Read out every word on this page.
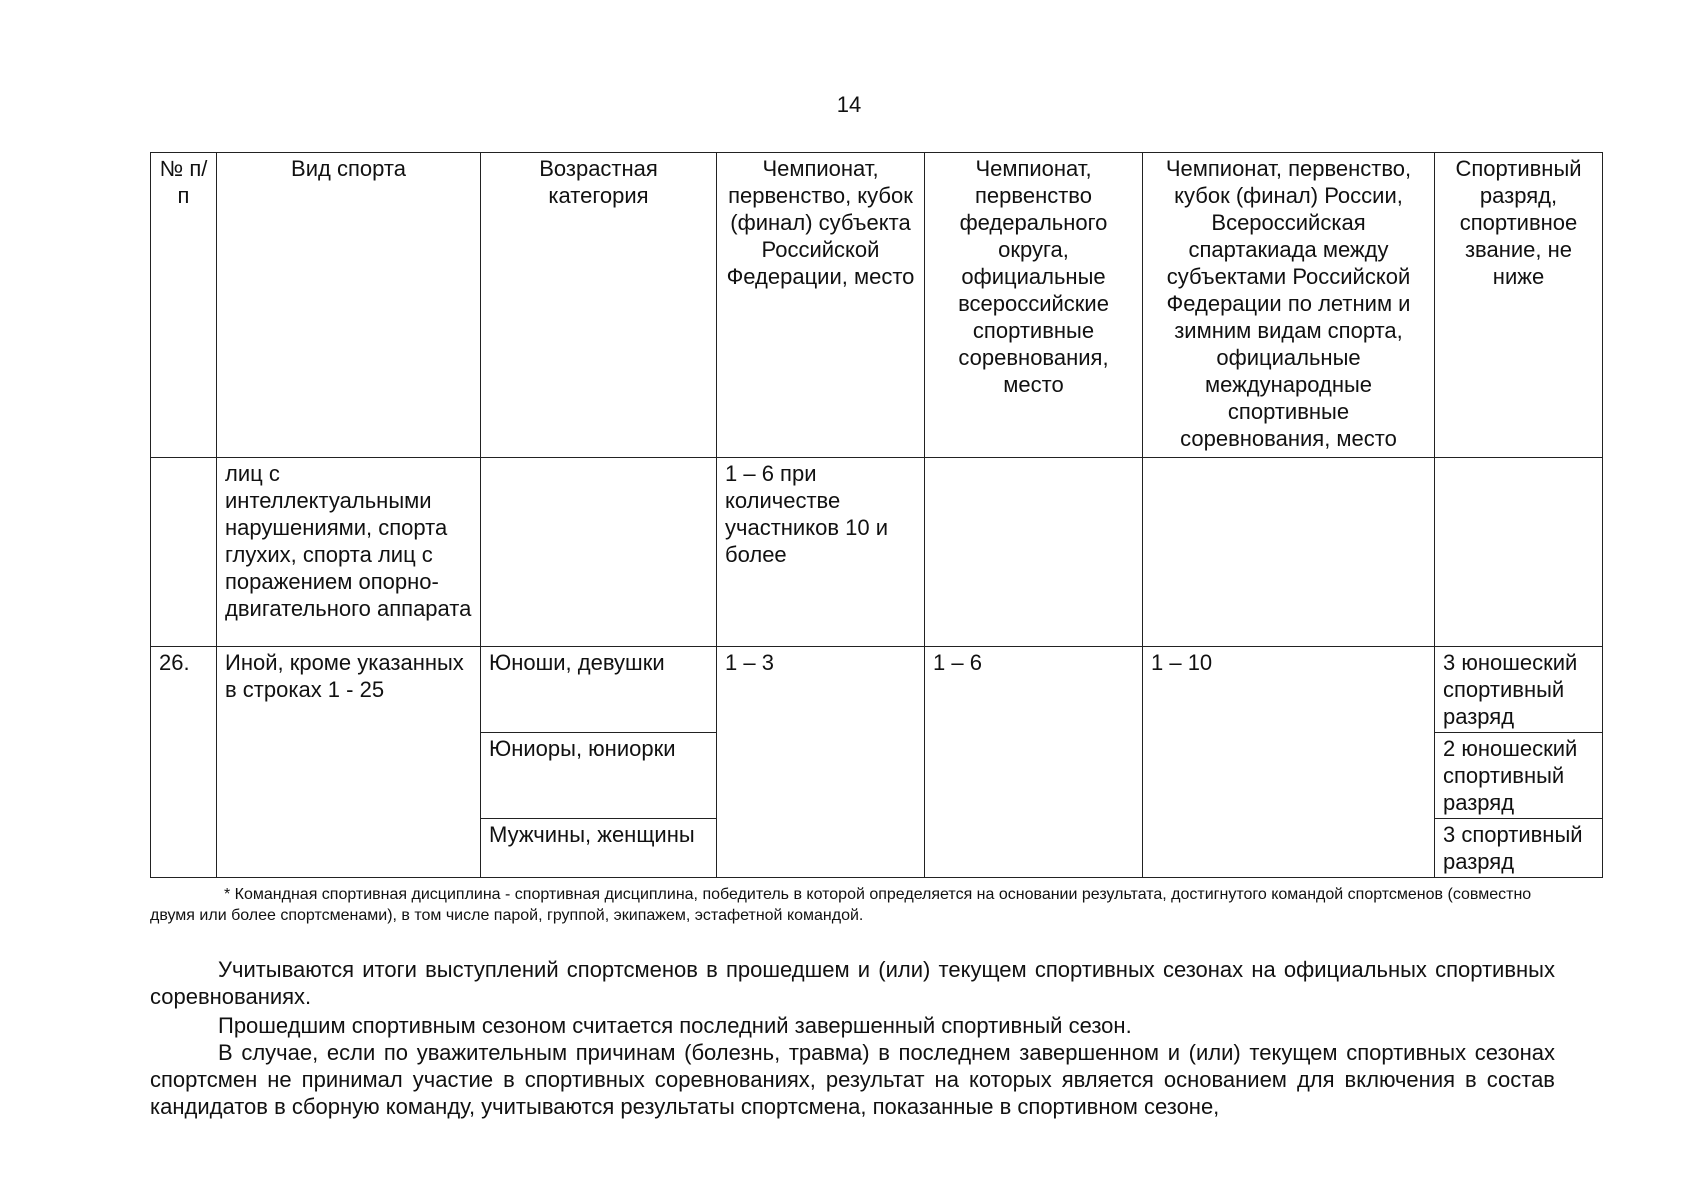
14
№ п/п	Вид спорта	Возрастная категория	Чемпионат, первенство, кубок (финал) субъекта Российской Федерации, место	Чемпионат, первенство федерального округа, официальные всероссийские спортивные соревнования, место	Чемпионат, первенство, кубок (финал) России, Всероссийская спартакиада между субъектами Российской Федерации по летним и зимним видам спорта, официальные международные спортивные соревнования, место	Спортивный разряд, спортивное звание, не ниже
	лиц с интеллектуальными нарушениями, спорта глухих, спорта лиц с поражением опорно-двигательного аппарата		1 – 6 при количестве участников 10 и более			
26.	Иной, кроме указанных в строках 1 - 25	Юноши, девушки	1 – 3	1 – 6	1 – 10	3 юношеский спортивный разряд
		Юниоры, юниорки				2 юношеский спортивный разряд
		Мужчины, женщины				3 спортивный разряд

* Командная спортивная дисциплина - спортивная дисциплина, победитель в которой определяется на основании результата, достигнутого командой спортсменов (совместно двумя или более спортсменами), в том числе парой, группой, экипажем, эстафетной командой.

Учитываются итоги выступлений спортсменов в прошедшем и (или) текущем спортивных сезонах на официальных спортивных соревнованиях.

Прошедшим спортивным сезоном считается последний завершенный спортивный сезон.

В случае, если по уважительным причинам (болезнь, травма) в последнем завершенном и (или) текущем спортивных сезонах спортсмен не принимал участие в спортивных соревнованиях, результат на которых является основанием для включения в состав кандидатов в сборную команду, учитываются результаты спортсмена, показанные в спортивном сезоне,
